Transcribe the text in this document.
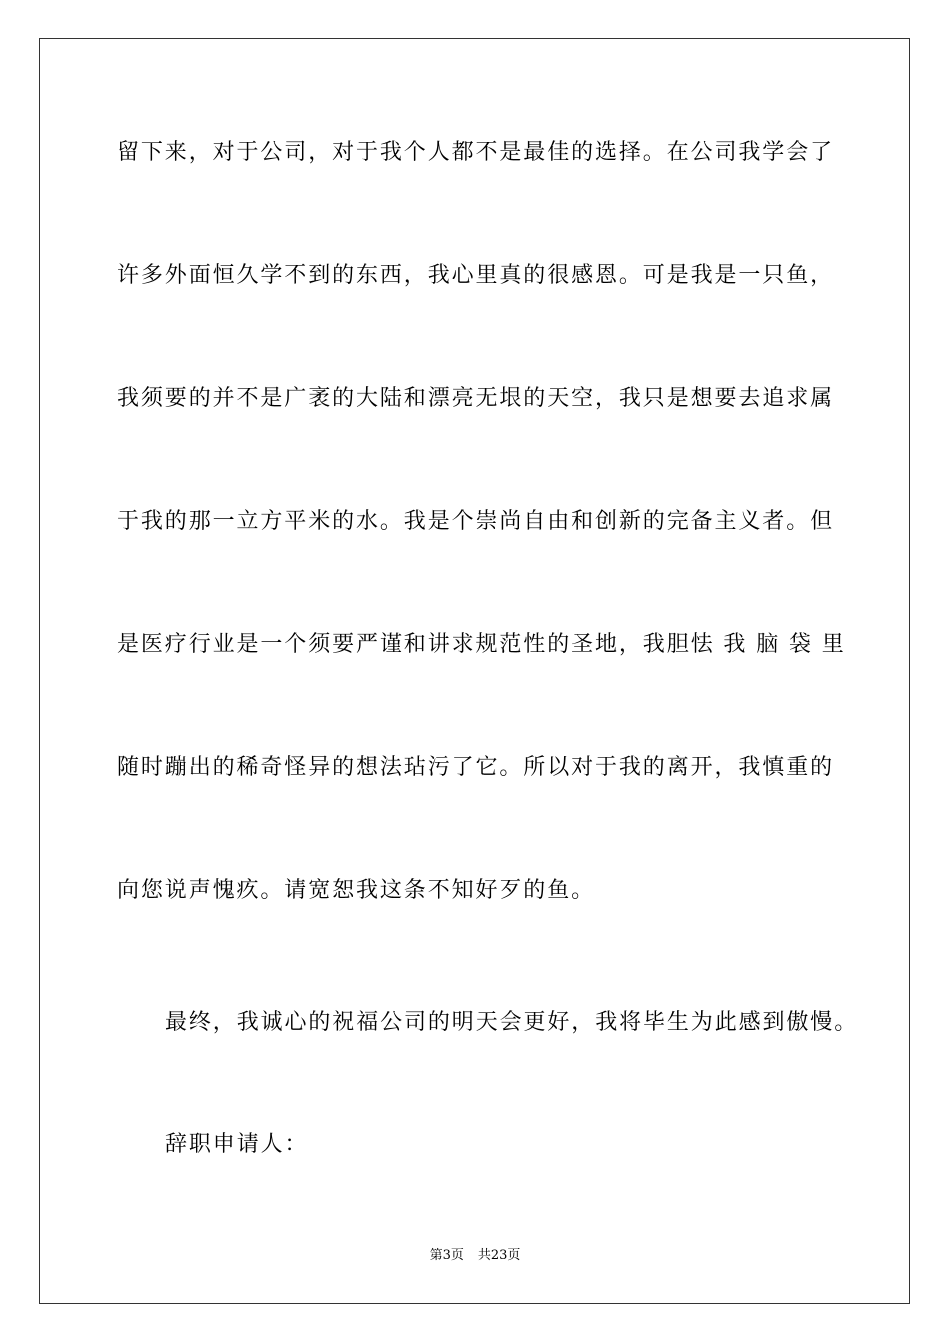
留下来，对于公司，对于我个人都不是最佳的选择。在公司我学会了
许多外面恒久学不到的东西，我心里真的很感恩。可是我是一只鱼，
我须要的并不是广袤的大陆和漂亮无垠的天空，我只是想要去追求属
于我的那一立方平米的水。我是个崇尚自由和创新的完备主义者。但
是医疗行业是一个须要严谨和讲求规范性的圣地，我胆怯 我 脑 袋 里
随时蹦出的稀奇怪异的想法玷污了它。所以对于我的离开，我慎重的
向您说声愧疚。请宽恕我这条不知好歹的鱼。
最终，我诚心的祝福公司的明天会更好，我将毕生为此感到傲慢。
辞职申请人：
第3页 共23页
